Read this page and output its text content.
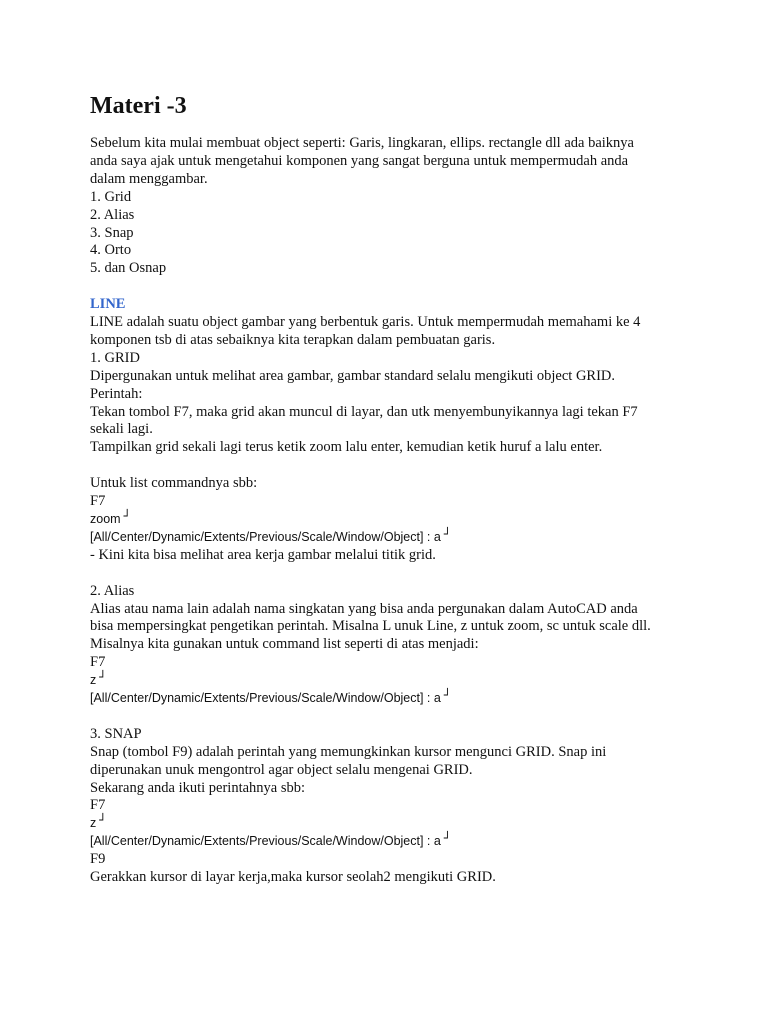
Materi -3
Sebelum kita mulai membuat object seperti: Garis, lingkaran, ellips. rectangle dll ada baiknya
anda saya ajak untuk mengetahui komponen yang sangat berguna untuk mempermudah anda
dalam menggambar.
1. Grid
2. Alias
3. Snap
4. Orto
5. dan Osnap
LINE
LINE adalah suatu object gambar yang berbentuk garis. Untuk mempermudah memahami ke 4
komponen tsb di atas sebaiknya kita terapkan dalam pembuatan garis.
1. GRID
Dipergunakan untuk melihat area gambar, gambar standard selalu mengikuti object GRID.
Perintah:
Tekan tombol F7, maka grid akan muncul di layar, dan utk menyembunyikannya lagi tekan F7
sekali lagi.
Tampilkan grid sekali lagi terus ketik zoom lalu enter, kemudian ketik huruf a lalu enter.
Untuk list commandnya sbb:
F7
zoom ┘
[All/Center/Dynamic/Extents/Previous/Scale/Window/Object] : a ┘
- Kini kita bisa melihat area kerja gambar melalui titik grid.
2. Alias
Alias atau nama lain adalah nama singkatan yang bisa anda pergunakan dalam AutoCAD anda
bisa mempersingkat pengetikan perintah. Misalna L unuk Line, z untuk zoom, sc untuk scale dll.
Misalnya kita gunakan untuk command list seperti di atas menjadi:
F7
z ┘
[All/Center/Dynamic/Extents/Previous/Scale/Window/Object] : a ┘
3. SNAP
Snap (tombol F9) adalah perintah yang memungkinkan kursor mengunci GRID. Snap ini
diperunakan unuk mengontrol agar object selalu mengenai GRID.
Sekarang anda ikuti perintahnya sbb:
F7
z ┘
[All/Center/Dynamic/Extents/Previous/Scale/Window/Object] : a ┘
F9
Gerakkan kursor di layar kerja,maka kursor seolah2 mengikuti GRID.
